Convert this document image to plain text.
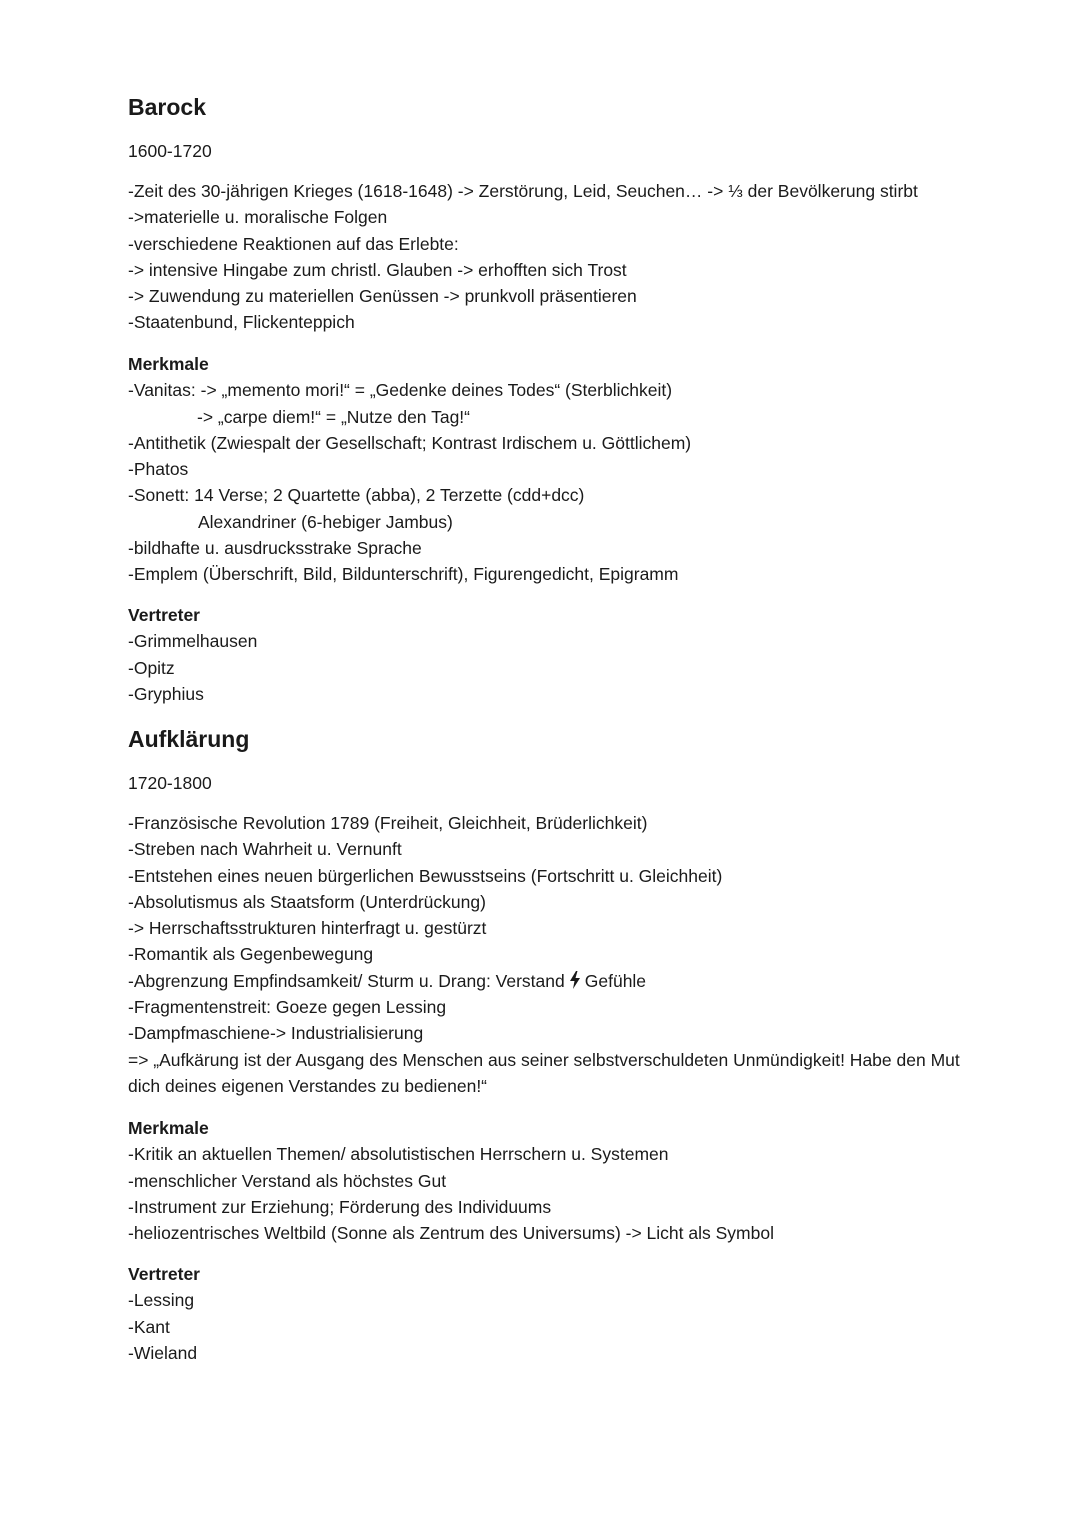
Barock
1600-1720
-Zeit des 30-jährigen Krieges (1618-1648) -> Zerstörung, Leid, Seuchen… -> ⅓ der Bevölkerung stirbt
->materielle u. moralische Folgen
-verschiedene Reaktionen auf das Erlebte:
-> intensive Hingabe zum christl. Glauben -> erhofften sich Trost
-> Zuwendung zu materiellen Genüssen -> prunkvoll präsentieren
-Staatenbund, Flickenteppich
Merkmale
-Vanitas: -> „memento mori!“ = „Gedenke deines Todes“ (Sterblichkeit)
-> „carpe diem!“ = „Nutze den Tag!“
-Antithetik (Zwiespalt der Gesellschaft; Kontrast Irdischem u. Göttlichem)
-Phatos
-Sonett: 14 Verse; 2 Quartette (abba), 2 Terzette (cdd+dcc)
Alexandriner (6-hebiger Jambus)
-bildhafte u. ausdrucksstrake Sprache
-Emplem (Überschrift, Bild, Bildunterschrift), Figurengedicht, Epigramm
Vertreter
-Grimmelhausen
-Opitz
-Gryphius
Aufklärung
1720-1800
-Französische Revolution 1789 (Freiheit, Gleichheit, Brüderlichkeit)
-Streben nach Wahrheit u. Vernunft
-Entstehen eines neuen bürgerlichen Bewusstseins (Fortschritt u. Gleichheit)
-Absolutismus als Staatsform (Unterdrückung)
-> Herrschaftsstrukturen hinterfragt u. gestürzt
-Romantik als Gegenbewegung
-Abgrenzung Empfindsamkeit/ Sturm u. Drang: Verstand Gefühle
-Fragmentenstreit: Goeze gegen Lessing
-Dampfmaschiene-> Industrialisierung
=> „Aufkärung ist der Ausgang des Menschen aus seiner selbstverschuldeten Unmündigkeit! Habe den Mut dich deines eigenen Verstandes zu bedienen!“
Merkmale
-Kritik an aktuellen Themen/ absolutistischen Herrschern u. Systemen
-menschlicher Verstand als höchstes Gut
-Instrument zur Erziehung; Förderung des Individuums
-heliozentrisches Weltbild (Sonne als Zentrum des Universums) -> Licht als Symbol
Vertreter
-Lessing
-Kant
-Wieland
